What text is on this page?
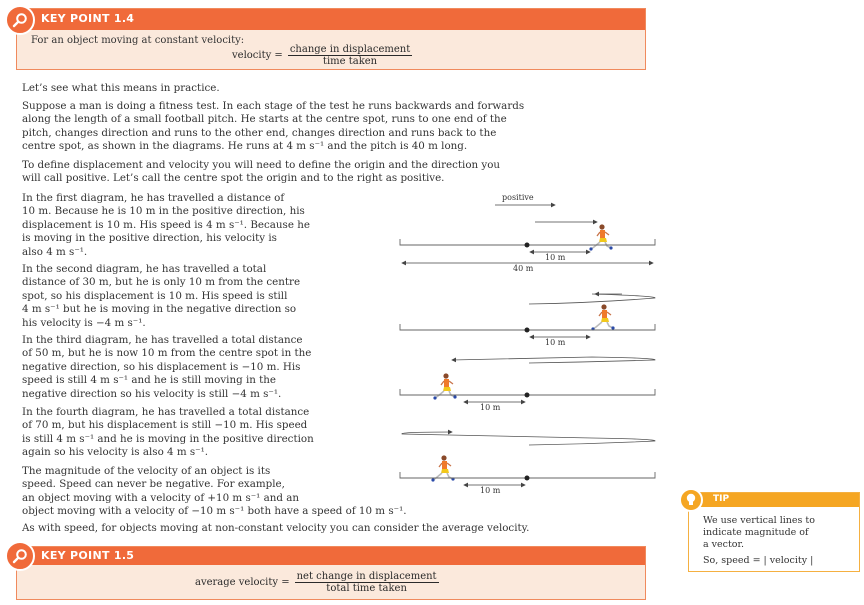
KEY POINT 1.4
For an object moving at constant velocity:
velocity = $\frac{\text{change in displacement}}{\text{time taken}}$
Let’s see what this means in practice.
Suppose a man is doing a fitness test. In each stage of the test he runs backwards and forwards
along the length of a small football pitch. He starts at the centre spot, runs to one end of the
pitch, changes direction and runs to the other end, changes direction and runs back to the
centre spot, as shown in the diagrams. He runs at 4 m s⁻¹ and the pitch is 40 m long.
To define displacement and velocity you will need to define the origin and the direction you
will call positive. Let’s call the centre spot the origin and to the right as positive.
In the first diagram, he has travelled a distance of
10 m. Because he is 10 m in the positive direction, his
displacement is 10 m. His speed is 4 m s⁻¹. Because he
is moving in the positive direction, his velocity is
also 4 m s⁻¹.
In the second diagram, he has travelled a total
distance of 30 m, but he is only 10 m from the centre
spot, so his displacement is 10 m. His speed is still
4 m s⁻¹ but he is moving in the negative direction so
his velocity is −4 m s⁻¹.
In the third diagram, he has travelled a total distance
of 50 m, but he is now 10 m from the centre spot in the
negative direction, so his displacement is −10 m. His
speed is still 4 m s⁻¹ and he is still moving in the
negative direction so his velocity is still −4 m s⁻¹.
In the fourth diagram, he has travelled a total distance
of 70 m, but his displacement is still −10 m. His speed
is still 4 m s⁻¹ and he is moving in the positive direction
again so his velocity is also 4 m s⁻¹.
The magnitude of the velocity of an object is its
speed. Speed can never be negative. For example,
an object moving with a velocity of +10 m s⁻¹ and an
object moving with a velocity of −10 m s⁻¹ both have a speed of 10 m s⁻¹.
As with speed, for objects moving at non-constant velocity you can consider the average velocity.
positive
10 m
40 m
10 m
10 m
10 m
TIP
We use vertical lines to
indicate magnitude of
a vector.
So, speed = | velocity |
KEY POINT 1.5
average velocity = $\frac{\text{net change in displacement}}{\text{total time taken}}$
